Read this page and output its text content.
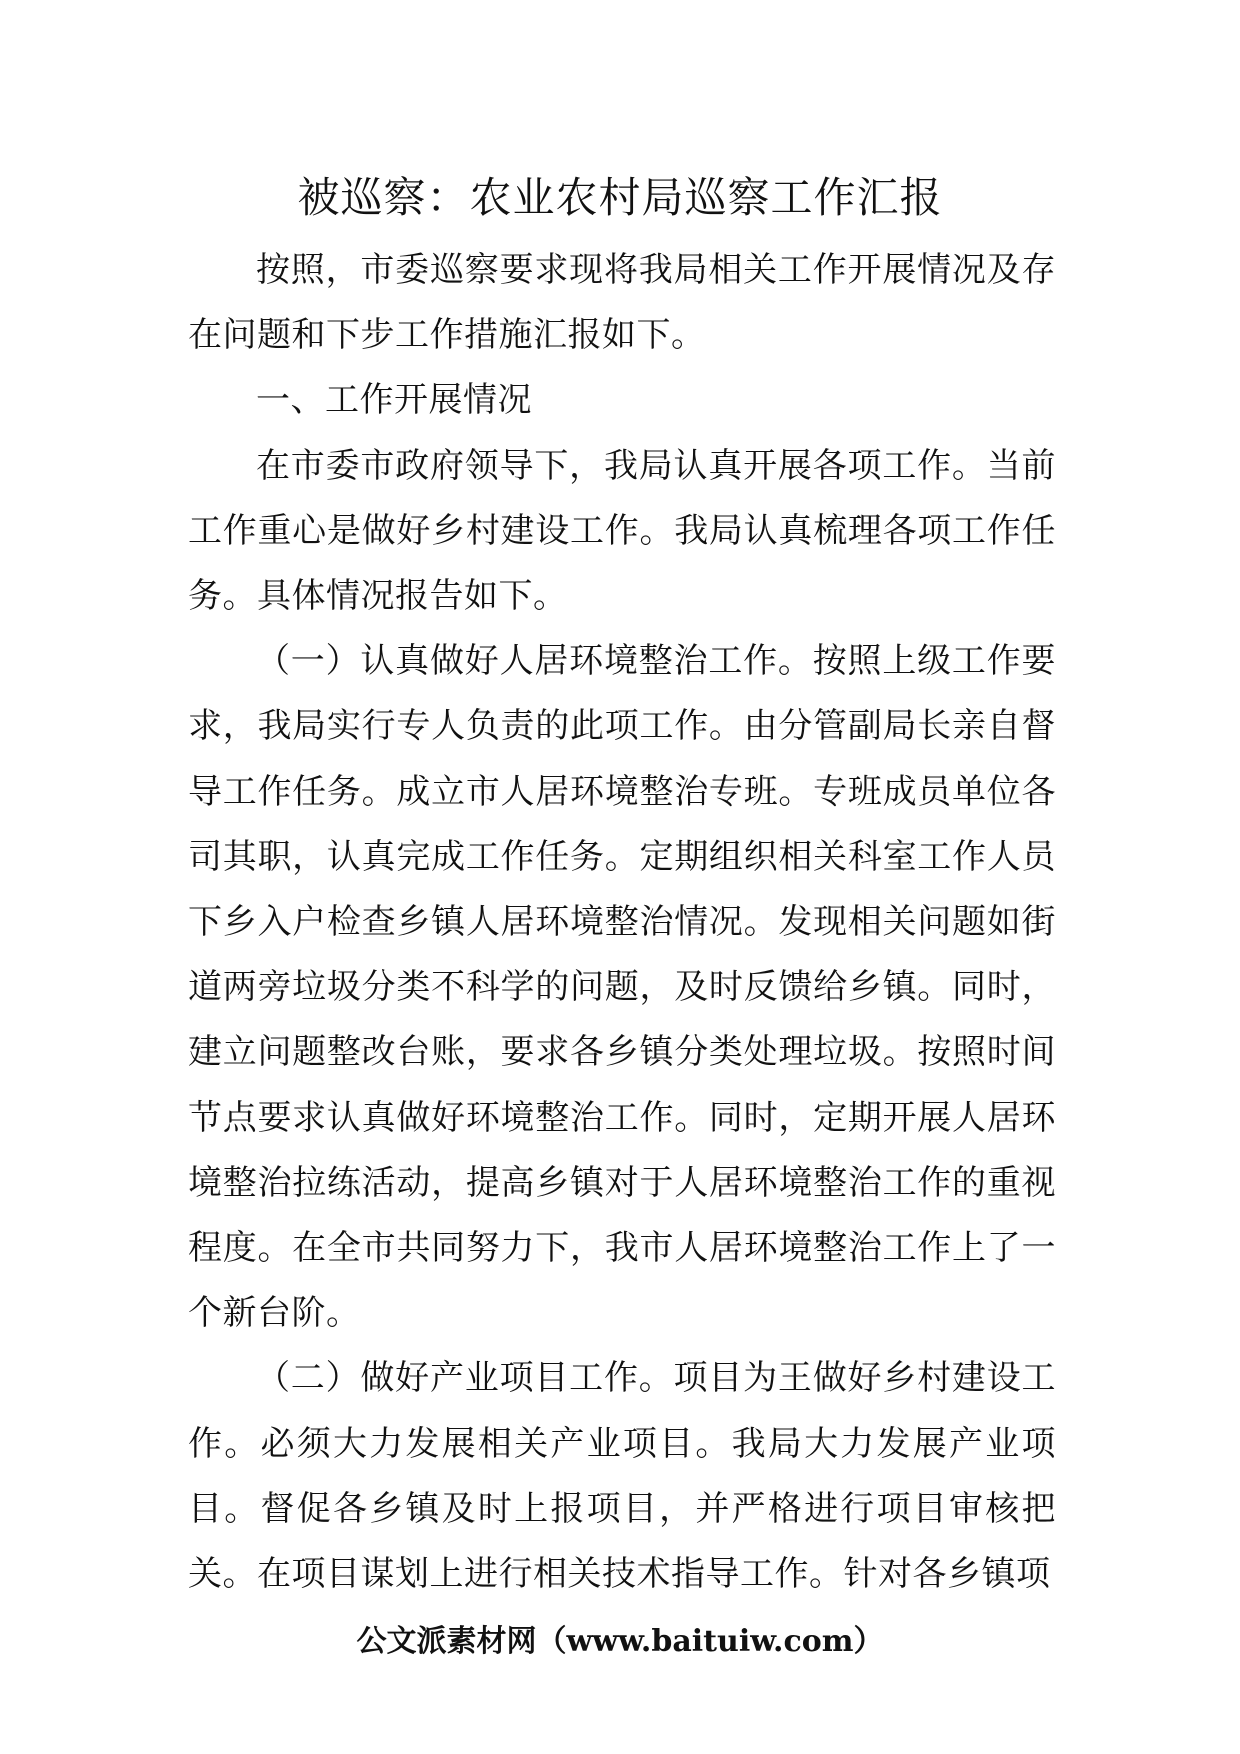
被巡察：农业农村局巡察工作汇报

按照，市委巡察要求现将我局相关工作开展情况及存在问题和下步工作措施汇报如下。

一、工作开展情况

在市委市政府领导下，我局认真开展各项工作。当前工作重心是做好乡村建设工作。我局认真梳理各项工作任务。具体情况报告如下。

（一）认真做好人居环境整治工作。按照上级工作要求，我局实行专人负责的此项工作。由分管副局长亲自督导工作任务。成立市人居环境整治专班。专班成员单位各司其职，认真完成工作任务。定期组织相关科室工作人员下乡入户检查乡镇人居环境整治情况。发现相关问题如街道两旁垃圾分类不科学的问题，及时反馈给乡镇。同时，建立问题整改台账，要求各乡镇分类处理垃圾。按照时间节点要求认真做好环境整治工作。同时，定期开展人居环境整治拉练活动，提高乡镇对于人居环境整治工作的重视程度。在全市共同努力下，我市人居环境整治工作上了一个新台阶。

（二）做好产业项目工作。项目为王做好乡村建设工作。必须大力发展相关产业项目。我局大力发展产业项目。督促各乡镇及时上报项目，并严格进行项目审核把关。在项目谋划上进行相关技术指导工作。针对各乡镇项

公文派素材网（www.baituiw.com）
